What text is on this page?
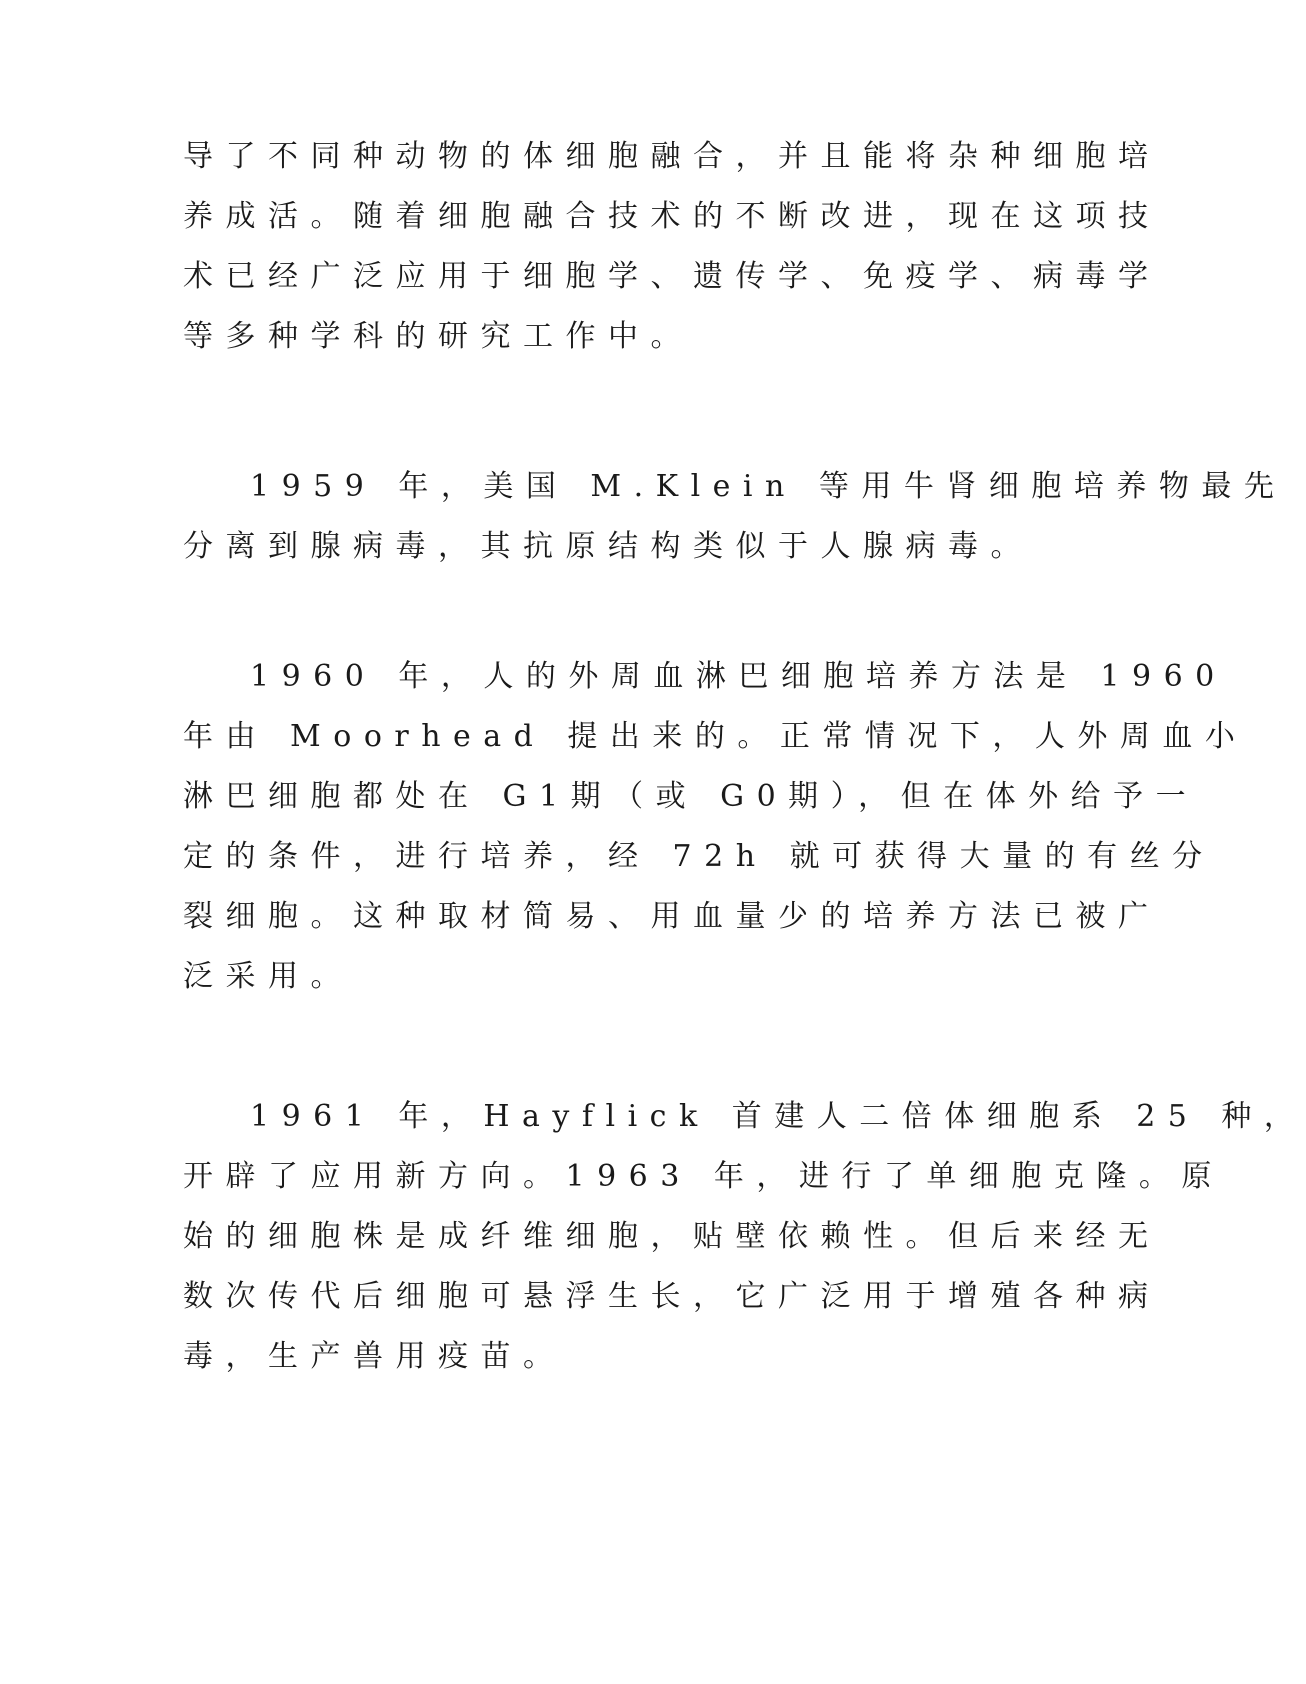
导了不同种动物的体细胞融合，并且能将杂种细胞培
养成活。随着细胞融合技术的不断改进，现在这项技
术已经广泛应用于细胞学、遗传学、免疫学、病毒学
等多种学科的研究工作中。
1959 年，美国 M.Klein 等用牛肾细胞培养物最先
分离到腺病毒，其抗原结构类似于人腺病毒。
1960 年，人的外周血淋巴细胞培养方法是 1960
年由 Moorhead 提出来的。正常情况下，人外周血小
淋巴细胞都处在 G1期（或 G0期），但在体外给予一
定的条件，进行培养，经 72h 就可获得大量的有丝分
裂细胞。这种取材简易、用血量少的培养方法已被广
泛采用。
1961 年，Hayflick 首建人二倍体细胞系 25 种，
开辟了应用新方向。1963 年，进行了单细胞克隆。原
始的细胞株是成纤维细胞，贴壁依赖性。但后来经无
数次传代后细胞可悬浮生长，它广泛用于增殖各种病
毒，生产兽用疫苗。
